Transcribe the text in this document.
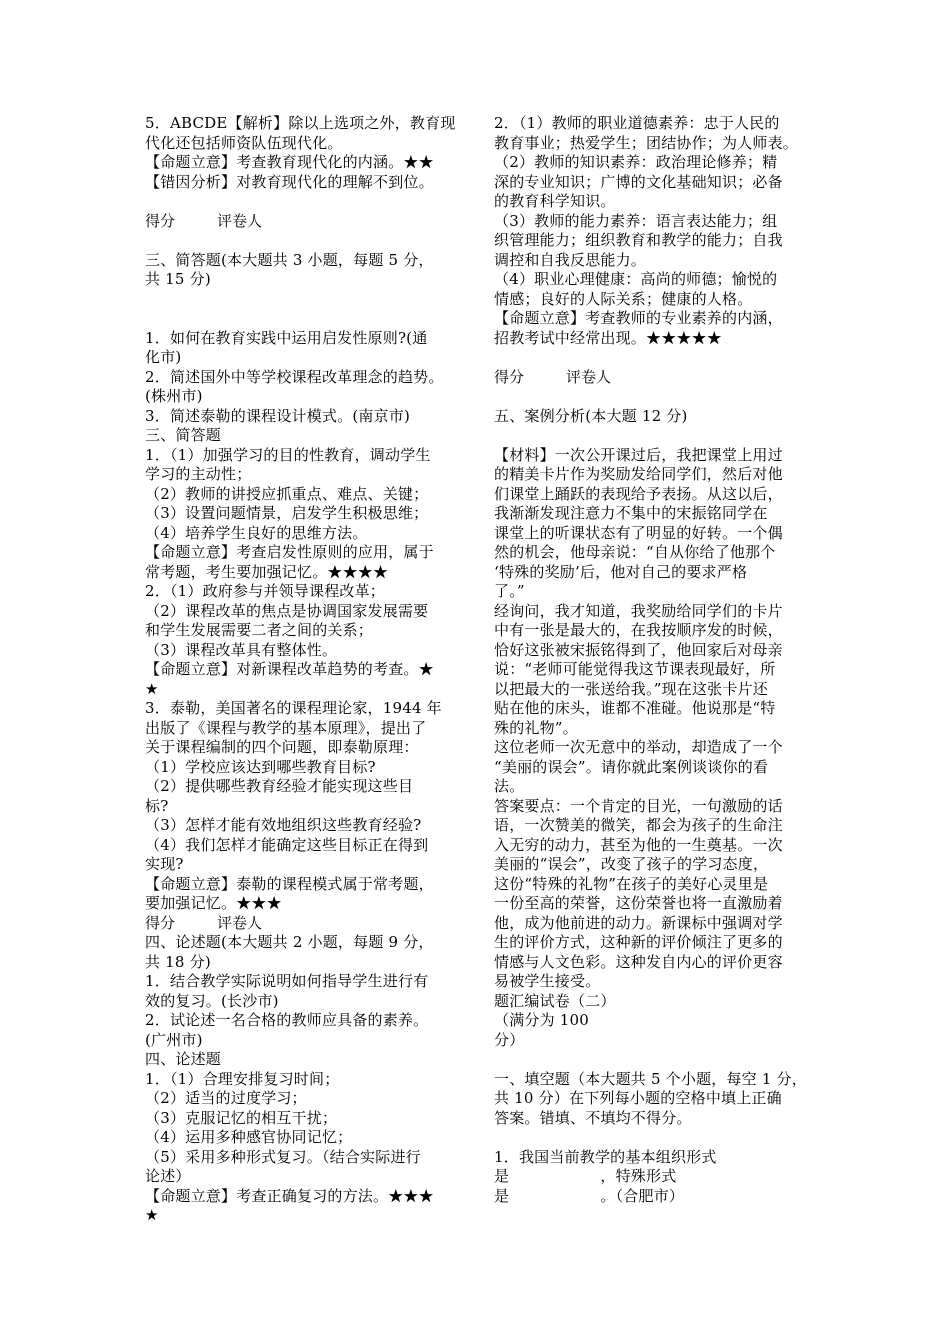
5．ABCDE【解析】除以上选项之外，教育现
代化还包括师资队伍现代化。
【命题立意】考查教育现代化的内涵。★★
【错因分析】对教育现代化的理解不到位。
得分	评卷人
三、简答题(本大题共 3 小题，每题 5 分，
共 15 分)
1．如何在教育实践中运用启发性原则?(通
化市)
2．简述国外中等学校课程改革理念的趋势。
(株州市)
3．简述泰勒的课程设计模式。(南京市)
三、简答题
1．（1）加强学习的目的性教育，调动学生
学习的主动性；
（2）教师的讲授应抓重点、难点、关键；
（3）设置问题情景，启发学生积极思维；
（4）培养学生良好的思维方法。
【命题立意】考查启发性原则的应用，属于
常考题，考生要加强记忆。★★★★
2．（1）政府参与并领导课程改革；
（2）课程改革的焦点是协调国家发展需要
和学生发展需要二者之间的关系；
（3）课程改革具有整体性。
【命题立意】对新课程改革趋势的考查。★
★
3．泰勒，美国著名的课程理论家，1944 年
出版了《课程与教学的基本原理》，提出了
关于课程编制的四个问题，即泰勒原理：
（1）学校应该达到哪些教育目标?
（2）提供哪些教育经验才能实现这些目
标?
（3）怎样才能有效地组织这些教育经验?
（4）我们怎样才能确定这些目标正在得到
实现?
【命题立意】泰勒的课程模式属于常考题，
要加强记忆。★★★
得分	评卷人
四、论述题(本大题共 2 小题，每题 9 分，
共 18 分)
1．结合教学实际说明如何指导学生进行有
效的复习。(长沙市)
2．试论述一名合格的教师应具备的素养。
(广州市)
四、论述题
1．（1）合理安排复习时间；
（2）适当的过度学习；
（3）克服记忆的相互干扰；
（4）运用多种感官协同记忆；
（5）采用多种形式复习。（结合实际进行
论述）
【命题立意】考查正确复习的方法。★★★
★
2．（1）教师的职业道德素养：忠于人民的
教育事业；热爱学生；团结协作；为人师表。
（2）教师的知识素养：政治理论修养；精
深的专业知识；广博的文化基础知识；必备
的教育科学知识。
（3）教师的能力素养：语言表达能力；组
织管理能力；组织教育和教学的能力；自我
调控和自我反思能力。
（4）职业心理健康：高尚的师德；愉悦的
情感；良好的人际关系；健康的人格。
【命题立意】考查教师的专业素养的内涵，
招教考试中经常出现。★★★★★
得分	评卷人
五、案例分析(本大题 12 分)
【材料】一次公开课过后，我把课堂上用过
的精美卡片作为奖励发给同学们，然后对他
们课堂上踊跃的表现给予表扬。从这以后，
我渐渐发现注意力不集中的宋振铭同学在
课堂上的听课状态有了明显的好转。一个偶
然的机会，他母亲说：“自从你给了他那个
‘特殊的奖励’后，他对自己的要求严格
了。”
经询问，我才知道，我奖励给同学们的卡片
中有一张是最大的，在我按顺序发的时候，
恰好这张被宋振铭得到了，他回家后对母亲
说：“老师可能觉得我这节课表现最好，所
以把最大的一张送给我。”现在这张卡片还
贴在他的床头，谁都不准碰。他说那是“特
殊的礼物”。
这位老师一次无意中的举动，却造成了一个
“美丽的误会”。请你就此案例谈谈你的看
法。
答案要点：一个肯定的目光，一句激励的话
语，一次赞美的微笑，都会为孩子的生命注
入无穷的动力，甚至为他的一生奠基。一次
美丽的“误会”，改变了孩子的学习态度，
这份“特殊的礼物”在孩子的美好心灵里是
一份至高的荣誉，这份荣誉也将一直激励着
他，成为他前进的动力。新课标中强调对学
生的评价方式，这种新的评价倾注了更多的
情感与人文色彩。这种发自内心的评价更容
易被学生接受。
题汇编试卷（二）
（满分为 100
分）
一、填空题（本大题共 5 个小题，每空 1 分，
共 10 分）在下列每小题的空格中填上正确
答案。错填、不填均不得分。
1．我国当前教学的基本组织形式
是　　　　　　，特殊形式
是　　　　　　。（合肥市）
